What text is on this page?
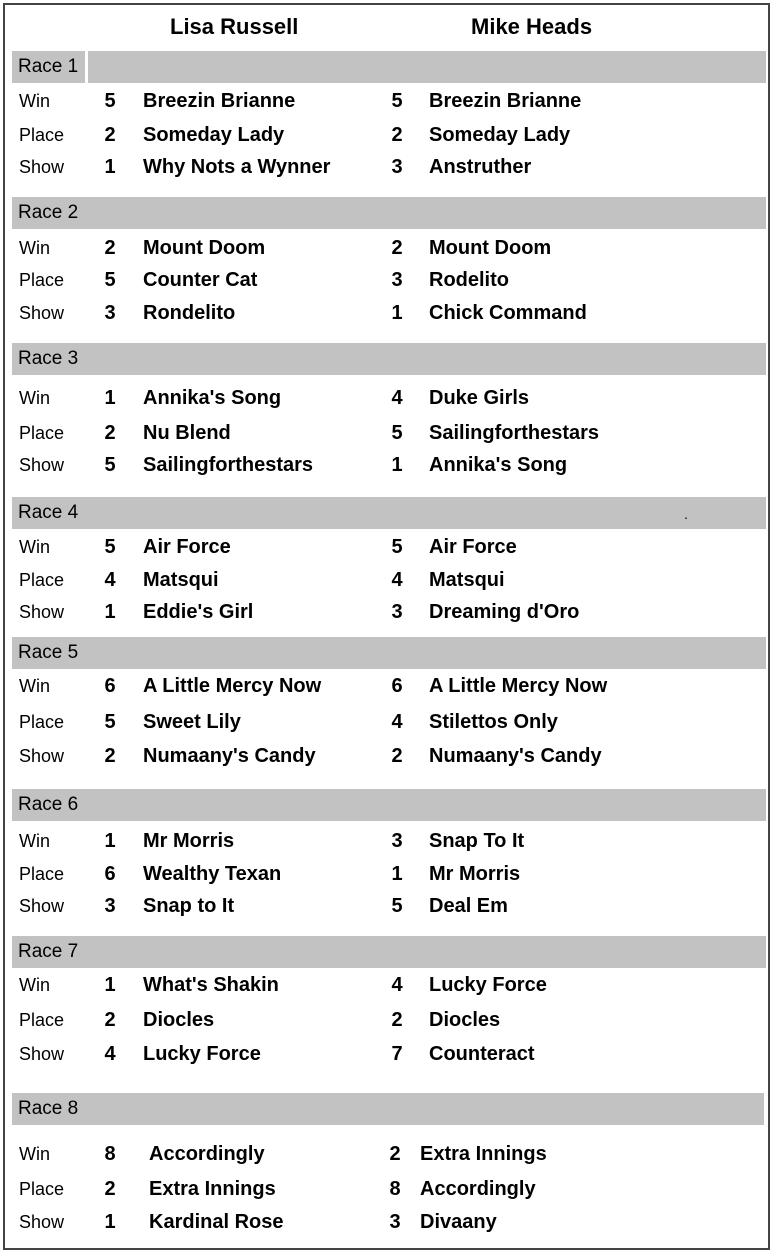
Lisa Russell	Mike Heads
Race 1
Win	5 Breezin Brianne	5 Breezin Brianne
Place 2 Someday Lady	2 Someday Lady
Show 1 Why Nots a Wynner	3 Anstruther
Race 2
Win	2 Mount Doom	2 Mount Doom
Place 5 Counter Cat	3 Rodelito
Show 3 Rondelito	1 Chick Command
Race 3
Win	1 Annika's Song	4 Duke Girls
Place 2 Nu Blend	5 Sailingforthestars
Show 5 Sailingforthestars	1 Annika's Song
Race 4
Win	5 Air Force	5 Air Force
Place 4 Matsqui	4 Matsqui
Show 1 Eddie's Girl	3 Dreaming d'Oro
Race 5
Win	6 A Little Mercy Now	6 A Little Mercy Now
Place 5 Sweet Lily	4 Stilettos Only
Show 2 Numaany's Candy	2 Numaany's Candy
Race 6
Win	1 Mr Morris	3 Snap To It
Place 6 Wealthy Texan	1 Mr Morris
Show 3 Snap to It	5 Deal Em
Race 7
Win	1 What's Shakin	4 Lucky Force
Place 2 Diocles	2 Diocles
Show 4 Lucky Force	7 Counteract
Race 8
Win	8 Accordingly	2 Extra Innings
Place 2 Extra Innings	8 Accordingly
Show 1 Kardinal Rose	3 Divaany
.
